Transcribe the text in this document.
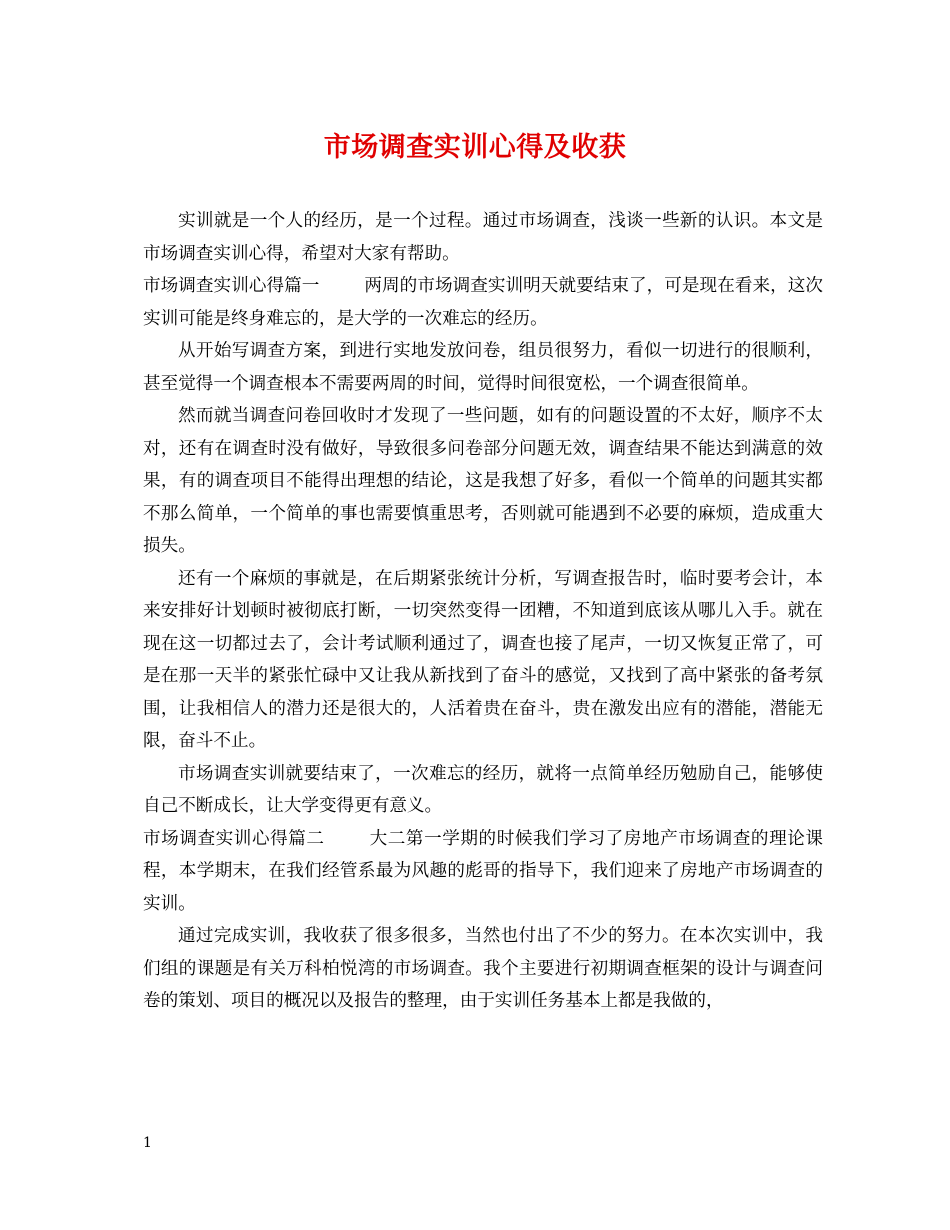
市场调查实训心得及收获

实训就是一个人的经历，是一个过程。通过市场调查，浅谈一些新的认识。本文是市场调查实训心得，希望对大家有帮助。

市场调查实训心得篇一	两周的市场调查实训明天就要结束了，可是现在看来，这次实训可能是终身难忘的，是大学的一次难忘的经历。

从开始写调查方案，到进行实地发放问卷，组员很努力，看似一切进行的很顺利，甚至觉得一个调查根本不需要两周的时间，觉得时间很宽松，一个调查很简单。

然而就当调查问卷回收时才发现了一些问题，如有的问题设置的不太好，顺序不太对，还有在调查时没有做好，导致很多问卷部分问题无效，调查结果不能达到满意的效果，有的调查项目不能得出理想的结论，这是我想了好多，看似一个简单的问题其实都不那么简单，一个简单的事也需要慎重思考，否则就可能遇到不必要的麻烦，造成重大损失。

还有一个麻烦的事就是，在后期紧张统计分析，写调查报告时，临时要考会计，本来安排好计划顿时被彻底打断，一切突然变得一团糟，不知道到底该从哪儿入手。就在现在这一切都过去了，会计考试顺利通过了，调查也接了尾声，一切又恢复正常了，可是在那一天半的紧张忙碌中又让我从新找到了奋斗的感觉，又找到了高中紧张的备考氛围，让我相信人的潜力还是很大的，人活着贵在奋斗，贵在激发出应有的潜能，潜能无限，奋斗不止。

市场调查实训就要结束了，一次难忘的经历，就将一点简单经历勉励自己，能够使自己不断成长，让大学变得更有意义。

市场调查实训心得篇二	大二第一学期的时候我们学习了房地产市场调查的理论课程，本学期末，在我们经管系最为风趣的彪哥的指导下，我们迎来了房地产市场调查的实训。

通过完成实训，我收获了很多很多，当然也付出了不少的努力。在本次实训中，我们组的课题是有关万科柏悦湾的市场调查。我个主要进行初期调查框架的设计与调查问卷的策划、项目的概况以及报告的整理，由于实训任务基本上都是我做的，

1
